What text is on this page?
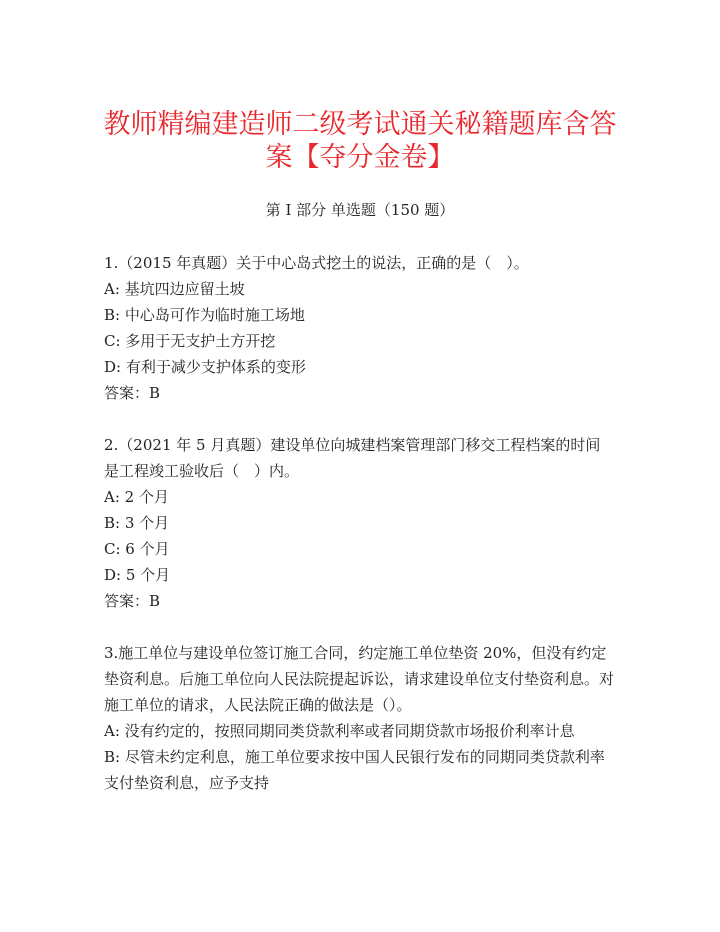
教师精编建造师二级考试通关秘籍题库含答案【夺分金卷】
第 I 部分 单选题（150 题）
1.（2015 年真题）关于中心岛式挖土的说法，正确的是（　）。
A: 基坑四边应留土坡
B: 中心岛可作为临时施工场地
C: 多用于无支护土方开挖
D: 有利于减少支护体系的变形
答案：B
2.（2021 年 5 月真题）建设单位向城建档案管理部门移交工程档案的时间是工程竣工验收后（　）内。
A: 2 个月
B: 3 个月
C: 6 个月
D: 5 个月
答案：B
3.施工单位与建设单位签订施工合同，约定施工单位垫资 20%，但没有约定垫资利息。后施工单位向人民法院提起诉讼，请求建设单位支付垫资利息。对施工单位的请求，人民法院正确的做法是（）。
A: 没有约定的，按照同期同类贷款利率或者同期贷款市场报价利率计息
B: 尽管未约定利息，施工单位要求按中国人民银行发布的同期同类贷款利率支付垫资利息，应予支持
